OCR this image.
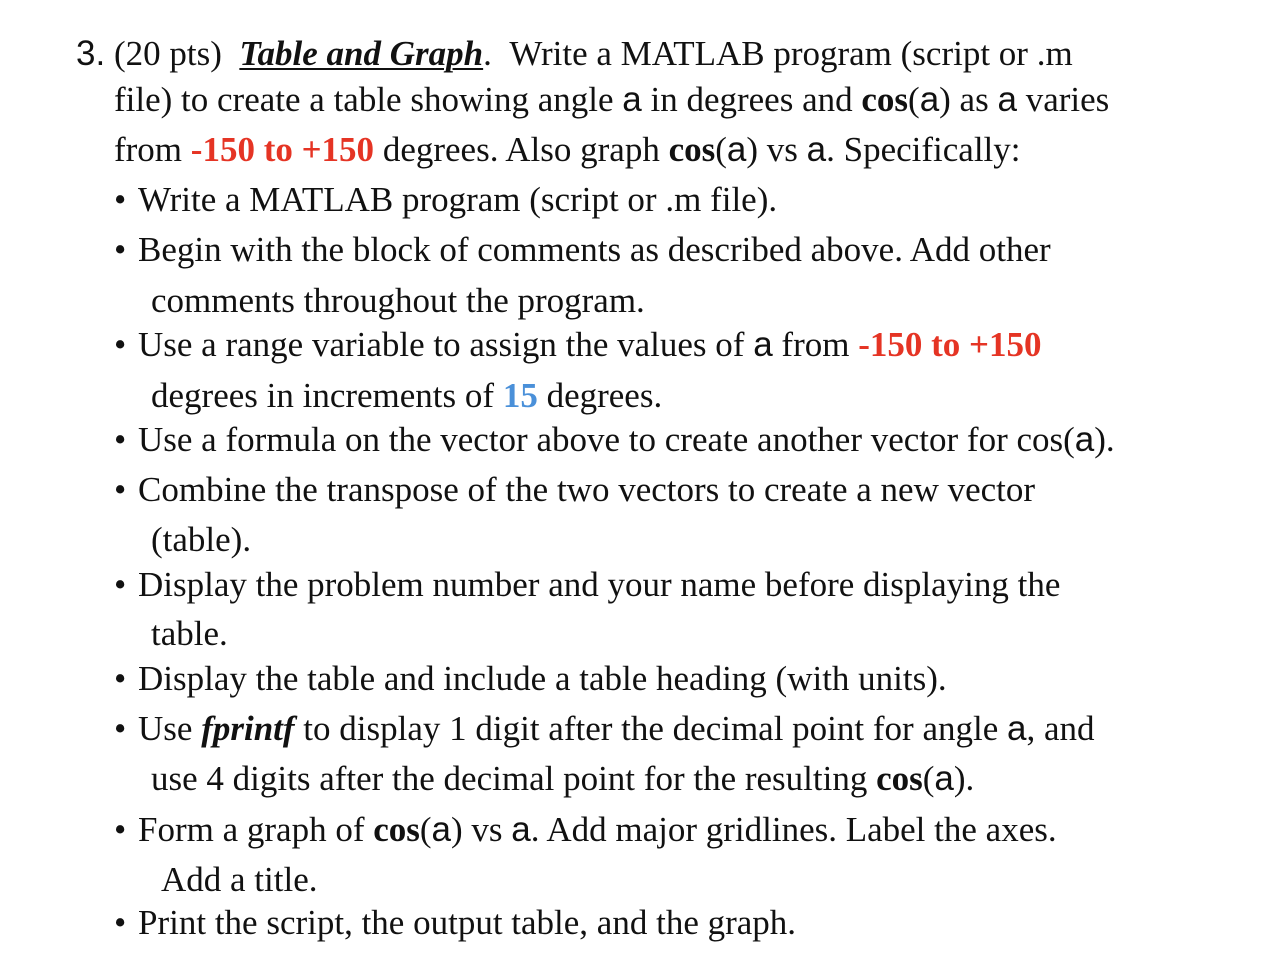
3. (20 pts) Table and Graph. Write a MATLAB program (script or .m
file) to create a table showing angle a in degrees and cos(a) as a varies
from -150 to +150 degrees. Also graph cos(a) vs a. Specifically:
• Write a MATLAB program (script or .m file).
• Begin with the block of comments as described above. Add other
comments throughout the program.
• Use a range variable to assign the values of a from -150 to +150
degrees in increments of 15 degrees.
• Use a formula on the vector above to create another vector for cos(a).
• Combine the transpose of the two vectors to create a new vector
(table).
• Display the problem number and your name before displaying the
table.
• Display the table and include a table heading (with units).
• Use fprintf to display 1 digit after the decimal point for angle a, and
use 4 digits after the decimal point for the resulting cos(a).
• Form a graph of cos(a) vs a. Add major gridlines. Label the axes.
Add a title.
• Print the script, the output table, and the graph.
